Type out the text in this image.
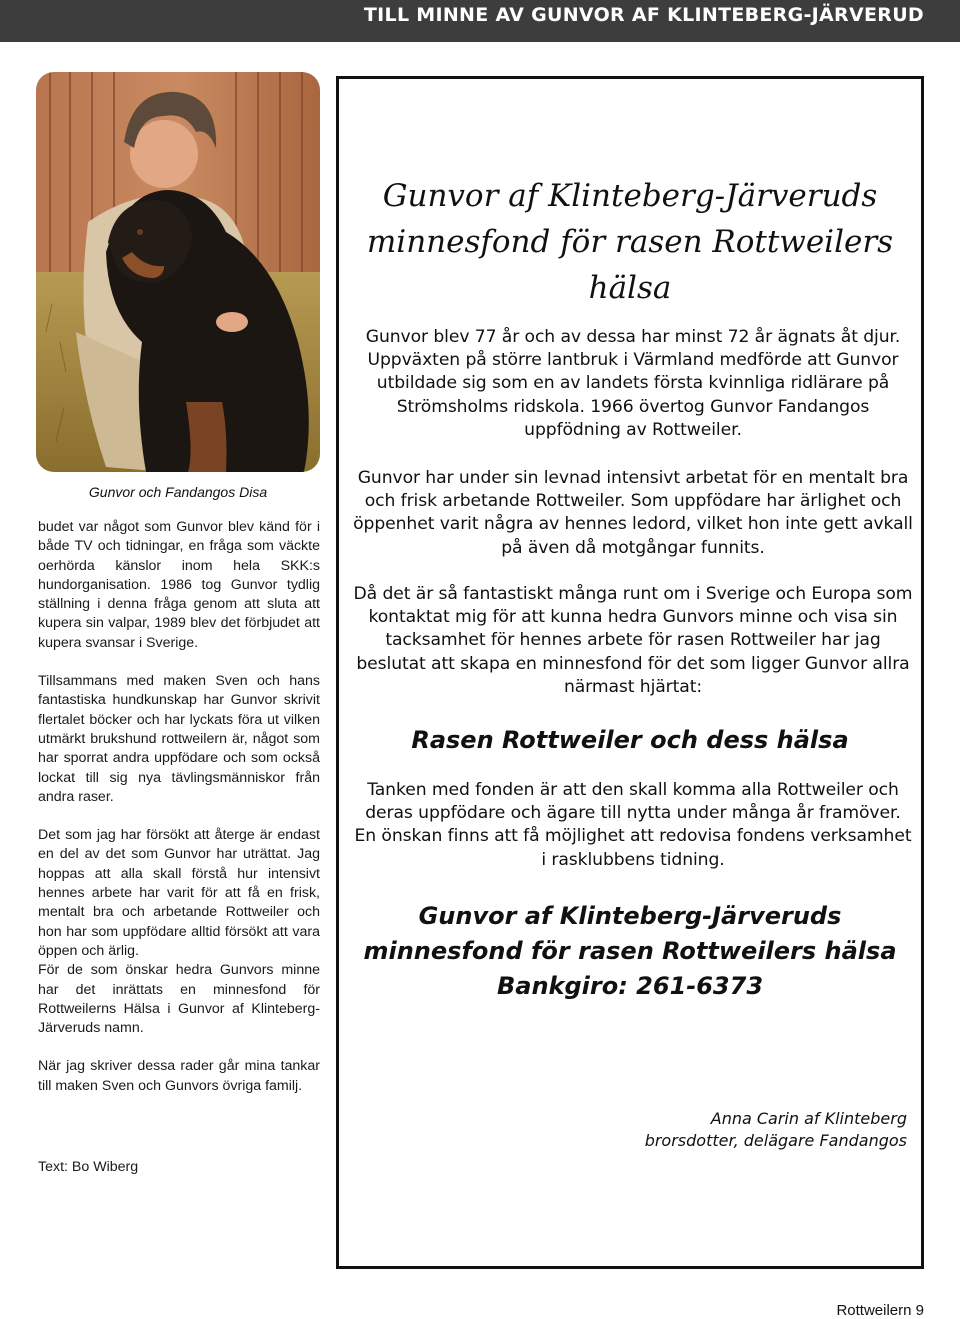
TILL MINNE AV GUNVOR AF KLINTEBERG-JÄRVERUD
Gunvor och Fandangos Disa

budet var något som Gunvor blev känd för i både TV och tidningar, en fråga som väckte oerhörda känslor inom hela SKK:s hundorganisation. 1986 tog Gunvor tydlig ställning i denna fråga genom att sluta att kupera sin valpar, 1989 blev det förbjudet att kupera svansar i Sverige.

Tillsammans med maken Sven och hans fantastiska hundkunskap har Gunvor skrivit flertalet böcker och har lyckats föra ut vilken utmärkt brukshund rottweilern är, något som har sporrat andra uppfödare och som också lockat till sig nya tävlingsmänniskor från andra raser.

Det som jag har försökt att återge är endast en del av det som Gunvor har uträttat. Jag hoppas att alla skall förstå hur intensivt hennes arbete har varit för att få en frisk, mentalt bra och arbetande Rottweiler och hon har som uppfödare alltid försökt att vara öppen och ärlig.

För de som önskar hedra Gunvors minne har det inrättats en minnesfond för Rottweilerns Hälsa i Gunvor af Klinteberg-Järveruds namn.

När jag skriver dessa rader går mina tankar till maken Sven och Gunvors övriga familj.

Text: Bo Wiberg
Gunvor af Klinteberg-Järveruds
minnesfond för rasen Rottweilers hälsa
Gunvor blev 77 år och av dessa har minst 72 år ägnats åt djur. Uppväxten på större lantbruk i Värmland medförde att Gunvor utbildade sig som en av landets första kvinnliga ridlärare på Strömsholms ridskola. 1966 övertog Gunvor Fandangos uppfödning av Rottweiler.
Gunvor har under sin levnad intensivt arbetat för en mentalt bra och frisk arbetande Rottweiler. Som uppfödare har ärlighet och öppenhet varit några av hennes ledord, vilket hon inte gett avkall på även då motgångar funnits.
Då det är så fantastiskt många runt om i Sverige och Europa som kontaktat mig för att kunna hedra Gunvors minne och visa sin tacksamhet för hennes arbete för rasen Rottweiler har jag beslutat att skapa en minnesfond för det som ligger Gunvor allra närmast hjärtat:
Rasen Rottweiler och dess hälsa
Tanken med fonden är att den skall komma alla Rottweiler och deras uppfödare och ägare till nytta under många år framöver. En önskan finns att få möjlighet att redovisa fondens verksamhet i rasklubbens tidning.
Gunvor af Klinteberg-Järveruds
minnesfond för rasen Rottweilers hälsa
Bankgiro: 261-6373
Anna Carin af Klinteberg
brorsdotter, delägare Fandangos
Rottweilern 9
